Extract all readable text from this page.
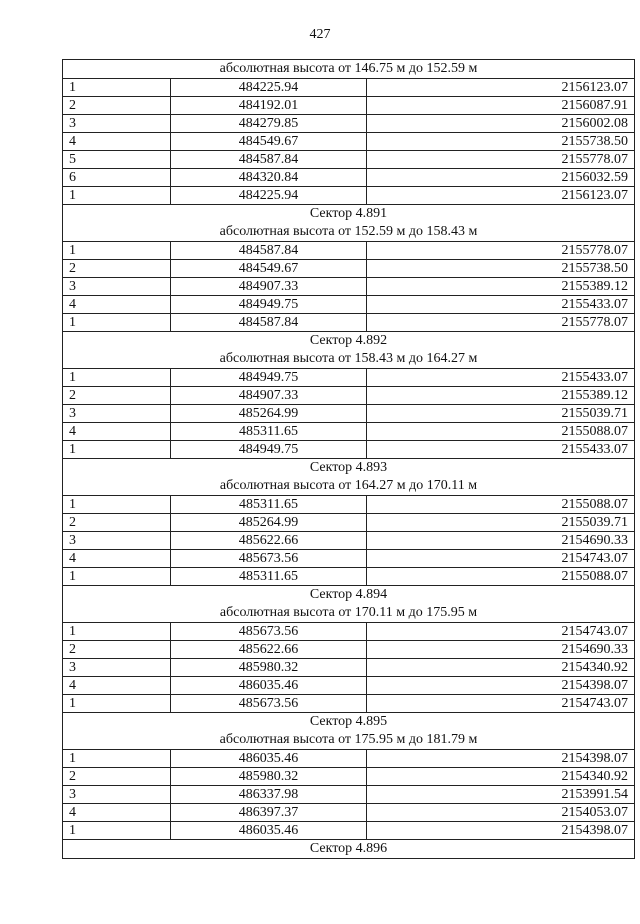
427
абсолютная высота от 146.75 м до 152.59 м		

1	484225.94	2156123.07
2	484192.01	2156087.91
3	484279.85	2156002.08
4	484549.67	2155738.50
5	484587.84	2155778.07
6	484320.84	2156032.59
1	484225.94	2156123.07

Сектор 4.891
абсолютная высота от 152.59 м до 158.43 м		

1	484587.84	2155778.07
2	484549.67	2155738.50
3	484907.33	2155389.12
4	484949.75	2155433.07
1	484587.84	2155778.07

Сектор 4.892
абсолютная высота от 158.43 м до 164.27 м		

1	484949.75	2155433.07
2	484907.33	2155389.12
3	485264.99	2155039.71
4	485311.65	2155088.07
1	484949.75	2155433.07

Сектор 4.893
абсолютная высота от 164.27 м до 170.11 м		

1	485311.65	2155088.07
2	485264.99	2155039.71
3	485622.66	2154690.33
4	485673.56	2154743.07
1	485311.65	2155088.07

Сектор 4.894
абсолютная высота от 170.11 м до 175.95 м		

1	485673.56	2154743.07
2	485622.66	2154690.33
3	485980.32	2154340.92
4	486035.46	2154398.07
1	485673.56	2154743.07

Сектор 4.895
абсолютная высота от 175.95 м до 181.79 м		

1	486035.46	2154398.07
2	485980.32	2154340.92
3	486337.98	2153991.54
4	486397.37	2154053.07
1	486035.46	2154398.07

Сектор 4.896		
